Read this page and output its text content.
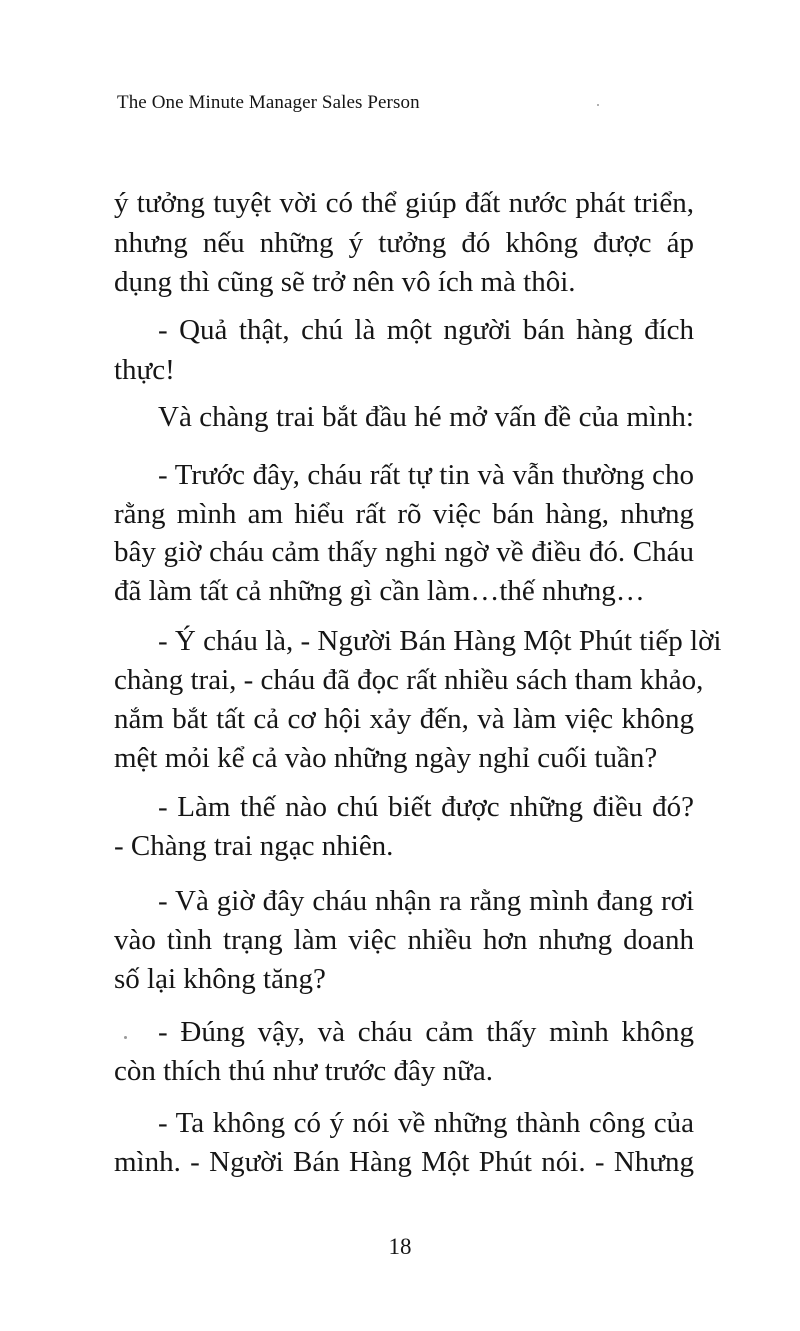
The One Minute Manager Sales Person
ý tưởng tuyệt vời có thể giúp đất nước phát triển,
nhưng nếu những ý tưởng đó không được áp
dụng thì cũng sẽ trở nên vô ích mà thôi.
- Quả thật, chú là một người bán hàng đích
thực!
Và chàng trai bắt đầu hé mở vấn đề của mình:
- Trước đây, cháu rất tự tin và vẫn thường cho
rằng mình am hiểu rất rõ việc bán hàng, nhưng
bây giờ cháu cảm thấy nghi ngờ về điều đó. Cháu
đã làm tất cả những gì cần làm…thế nhưng…
- Ý cháu là, - Người Bán Hàng Một Phút tiếp lời
chàng trai, - cháu đã đọc rất nhiều sách tham khảo,
nắm bắt tất cả cơ hội xảy đến, và làm việc không
mệt mỏi kể cả vào những ngày nghỉ cuối tuần?
- Làm thế nào chú biết được những điều đó?
- Chàng trai ngạc nhiên.
- Và giờ đây cháu nhận ra rằng mình đang rơi
vào tình trạng làm việc nhiều hơn nhưng doanh
số lại không tăng?
- Đúng vậy, và cháu cảm thấy mình không
còn thích thú như trước đây nữa.
- Ta không có ý nói về những thành công của
mình. - Người Bán Hàng Một Phút nói. - Nhưng
18
